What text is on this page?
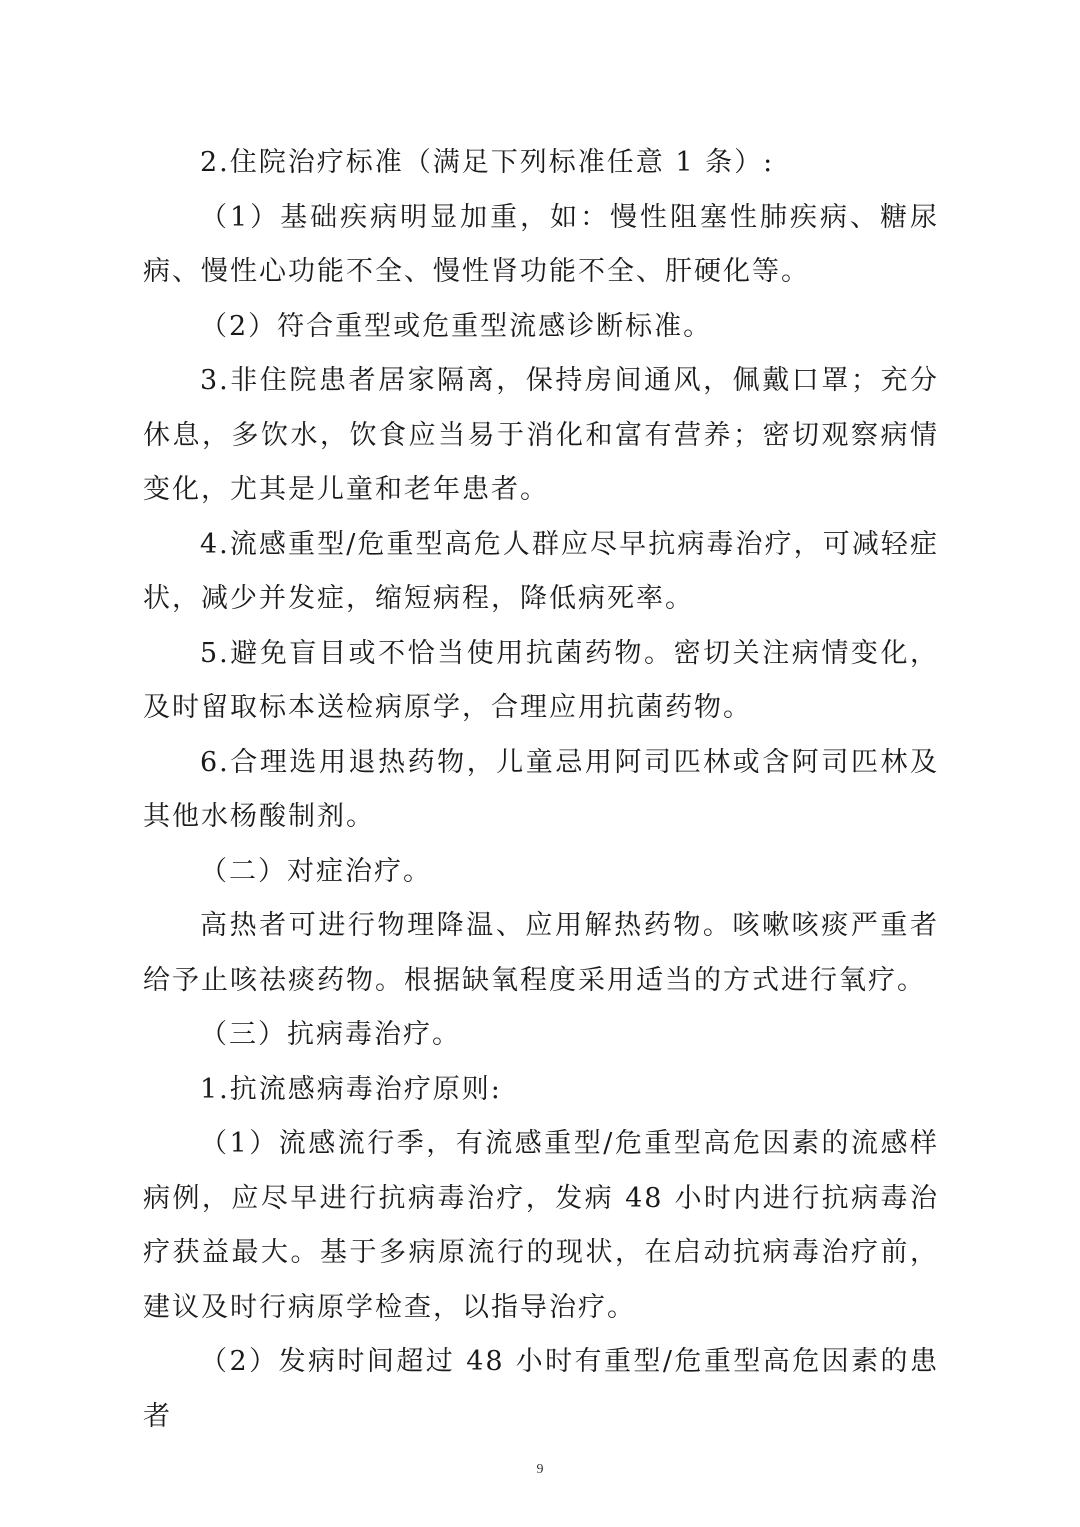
2.住院治疗标准（满足下列标准任意 1 条）:

（1）基础疾病明显加重，如：慢性阻塞性肺疾病、糖尿病、慢性心功能不全、慢性肾功能不全、肝硬化等。

（2）符合重型或危重型流感诊断标准。

3.非住院患者居家隔离，保持房间通风，佩戴口罩；充分休息，多饮水，饮食应当易于消化和富有营养；密切观察病情变化，尤其是儿童和老年患者。

4.流感重型/危重型高危人群应尽早抗病毒治疗，可减轻症状，减少并发症，缩短病程，降低病死率。

5.避免盲目或不恰当使用抗菌药物。密切关注病情变化，及时留取标本送检病原学，合理应用抗菌药物。

6.合理选用退热药物，儿童忌用阿司匹林或含阿司匹林及其他水杨酸制剂。

（二）对症治疗。

高热者可进行物理降温、应用解热药物。咳嗽咳痰严重者给予止咳祛痰药物。根据缺氧程度采用适当的方式进行氧疗。

（三）抗病毒治疗。

1.抗流感病毒治疗原则:

（1）流感流行季，有流感重型/危重型高危因素的流感样病例，应尽早进行抗病毒治疗，发病 48 小时内进行抗病毒治疗获益最大。基于多病原流行的现状，在启动抗病毒治疗前，建议及时行病原学检查，以指导治疗。

（2）发病时间超过 48 小时有重型/危重型高危因素的患者

9
